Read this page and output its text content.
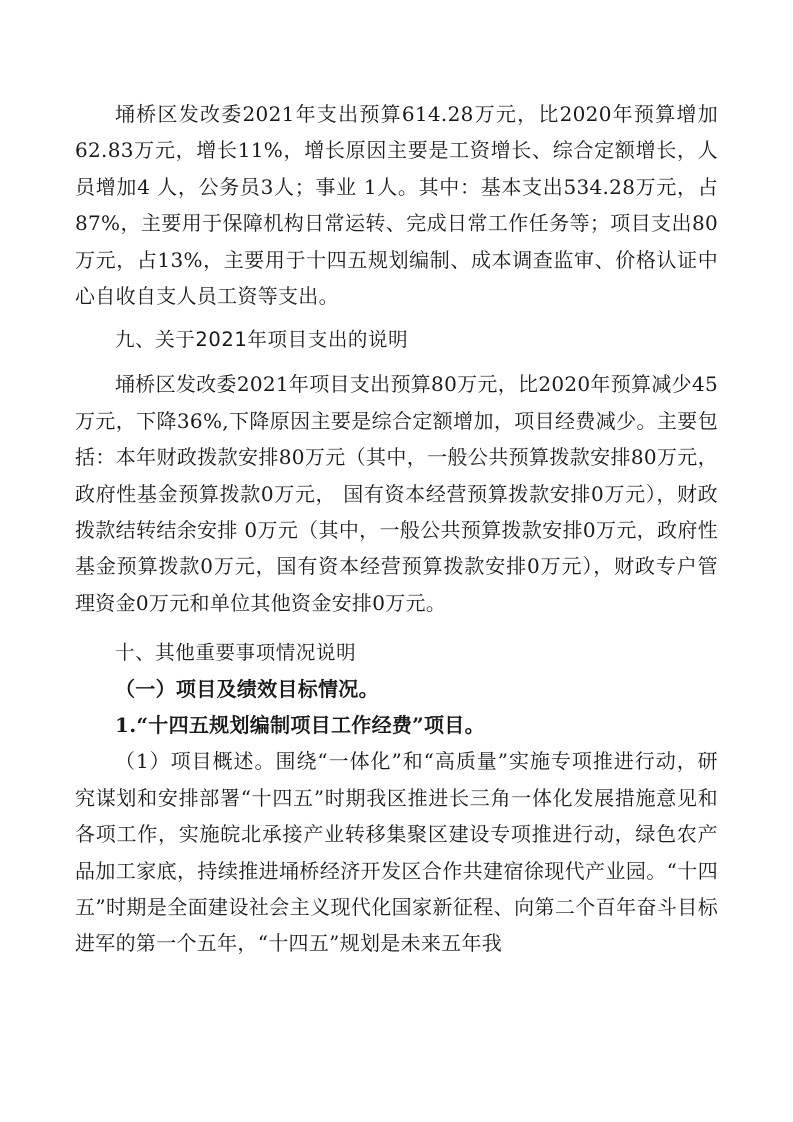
埇桥区发改委2021年支出预算614.28万元，比2020年预算增加62.83万元，增长11%，增长原因主要是工资增长、综合定额增长，人员增加4 人，公务员3人；事业 1人。其中：基本支出534.28万元，占87%，主要用于保障机构日常运转、完成日常工作任务等；项目支出80万元，占13%，主要用于十四五规划编制、成本调查监审、价格认证中心自收自支人员工资等支出。

九、关于2021年项目支出的说明

埇桥区发改委2021年项目支出预算80万元，比2020年预算减少45万元，下降36%,下降原因主要是综合定额增加，项目经费减少。主要包括：本年财政拨款安排80万元（其中，一般公共预算拨款安排80万元，政府性基金预算拨款0万元， 国有资本经营预算拨款安排0万元），财政拨款结转结余安排 0万元（其中，一般公共预算拨款安排0万元，政府性基金预算拨款0万元，国有资本经营预算拨款安排0万元），财政专户管理资金0万元和单位其他资金安排0万元。

十、其他重要事项情况说明

（一）项目及绩效目标情况。

1.“十四五规划编制项目工作经费”项目。

（1）项目概述。围绕“一体化”和“高质量”实施专项推进行动，研究谋划和安排部署“十四五”时期我区推进长三角一体化发展措施意见和各项工作，实施皖北承接产业转移集聚区建设专项推进行动，绿色农产品加工家底，持续推进埇桥经济开发区合作共建宿徐现代产业园。“十四五”时期是全面建设社会主义现代化国家新征程、向第二个百年奋斗目标进军的第一个五年，“十四五”规划是未来五年我
